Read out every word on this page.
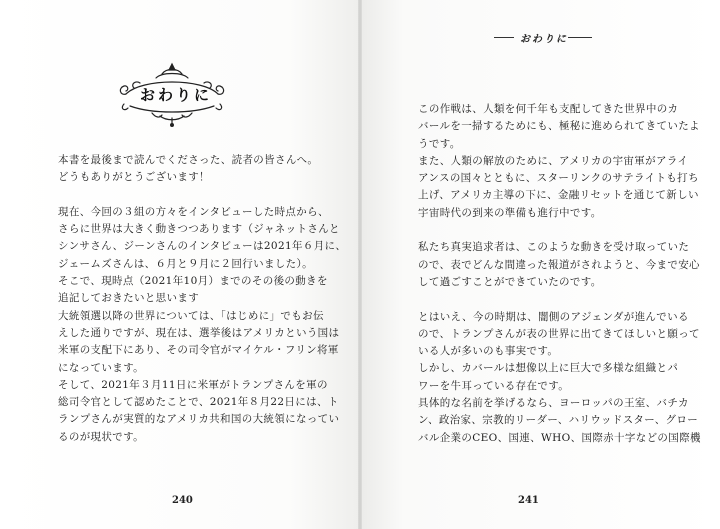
おわりに
本書を最後まで読んでくださった、読者の皆さんへ。
どうもありがとうございます！
現在、今回の３組の方々をインタビューした時点から、
さらに世界は大きく動きつつあります（ジャネットさんと
シンサさん、ジーンさんのインタビューは2021年６月に、
ジェームズさんは、６月と９月に２回行いました）。
そこで、現時点（2021年10月）までのその後の動きを
追記しておきたいと思います
大統領選以降の世界については、「はじめに」でもお伝
えした通りですが、現在は、選挙後はアメリカという国は
米軍の支配下にあり、その司令官がマイケル・フリン将軍
になっています。
そして、2021年３月11日に米軍がトランプさんを軍の
総司令官として認めたことで、2021年８月22日には、ト
ランプさんが実質的なアメリカ共和国の大統領になってい
るのが現状です。
240
この作戦は、人類を何千年も支配してきた世界中のカ
バールを一掃するためにも、極秘に進められてきていたよ
うです。
また、人類の解放のために、アメリカの宇宙軍がアライ
アンスの国々とともに、スターリンクのサテライトも打ち
上げ、アメリカ主導の下に、金融リセットを通じて新しい
宇宙時代の到来の準備も進行中です。
私たち真実追求者は、このような動きを受け取っていた
ので、表でどんな間違った報道がされようと、今まで安心
して過ごすことができていたのです。
とはいえ、今の時期は、闇側のアジェンダが進んでいる
ので、トランプさんが表の世界に出てきてほしいと願って
いる人が多いのも事実です。
しかし、カバールは想像以上に巨大で多様な組織とパ
ワーを牛耳っている存在です。
具体的な名前を挙げるなら、ヨーロッパの王室、バチカ
ン、政治家、宗教的リーダー、ハリウッドスター、グロー
バル企業のCEO、国連、WHO、国際赤十字などの国際機
241
おわりに
